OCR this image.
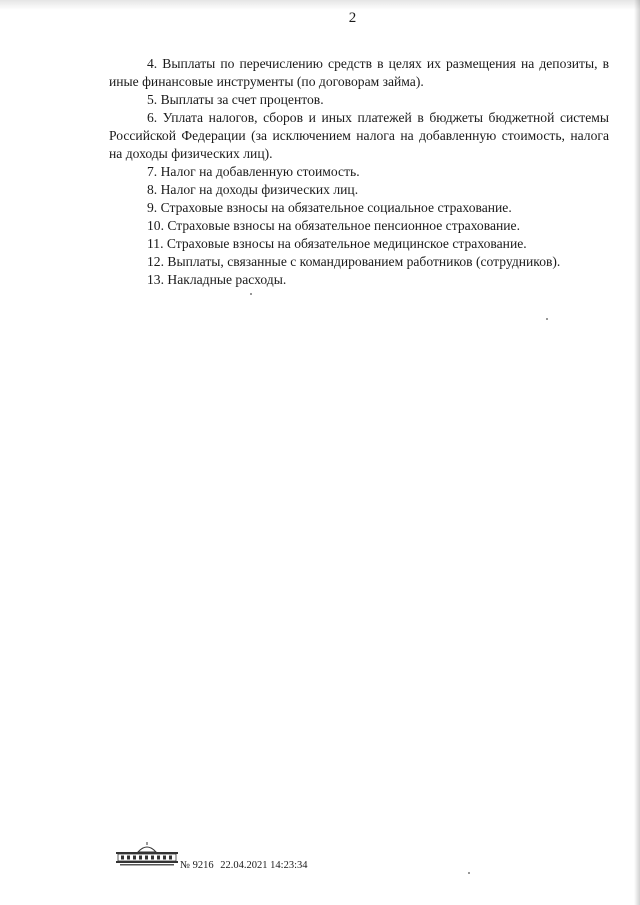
2

4. Выплаты по перечислению средств в целях их размещения на депозиты, в иные финансовые инструменты (по договорам займа).

5. Выплаты за счет процентов.

6. Уплата налогов, сборов и иных платежей в бюджеты бюджетной системы Российской Федерации (за исключением налога на добавленную стоимость, налога на доходы физических лиц).

7. Налог на добавленную стоимость.

8. Налог на доходы физических лиц.

9. Страховые взносы на обязательное социальное страхование.

10. Страховые взносы на обязательное пенсионное страхование.

11. Страховые взносы на обязательное медицинское страхование.

12. Выплаты, связанные с командированием работников (сотрудников).

13. Накладные расходы.

№ 9216 22.04.2021 14:23:34
